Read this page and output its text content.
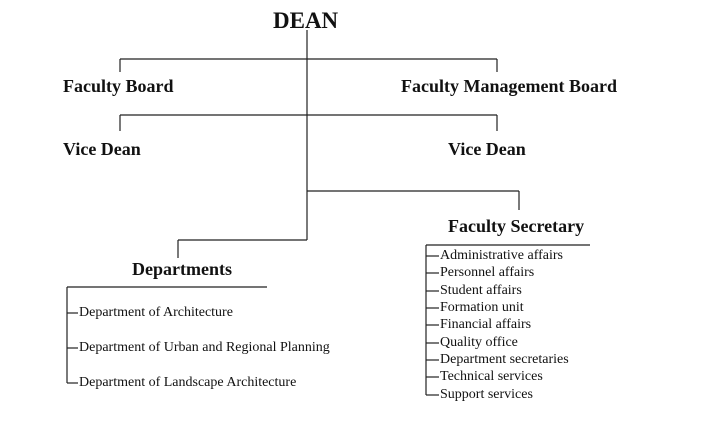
DEAN
Faculty Board	Faculty Management Board
Vice Dean	Vice Dean
Faculty Secretary
Departments
Department of Architecture
Department of Urban and Regional Planning
Department of Landscape Architecture
Administrative affairs
Personnel affairs
Student affairs
Formation unit
Financial affairs
Quality office
Department secretaries
Technical services
Support services
